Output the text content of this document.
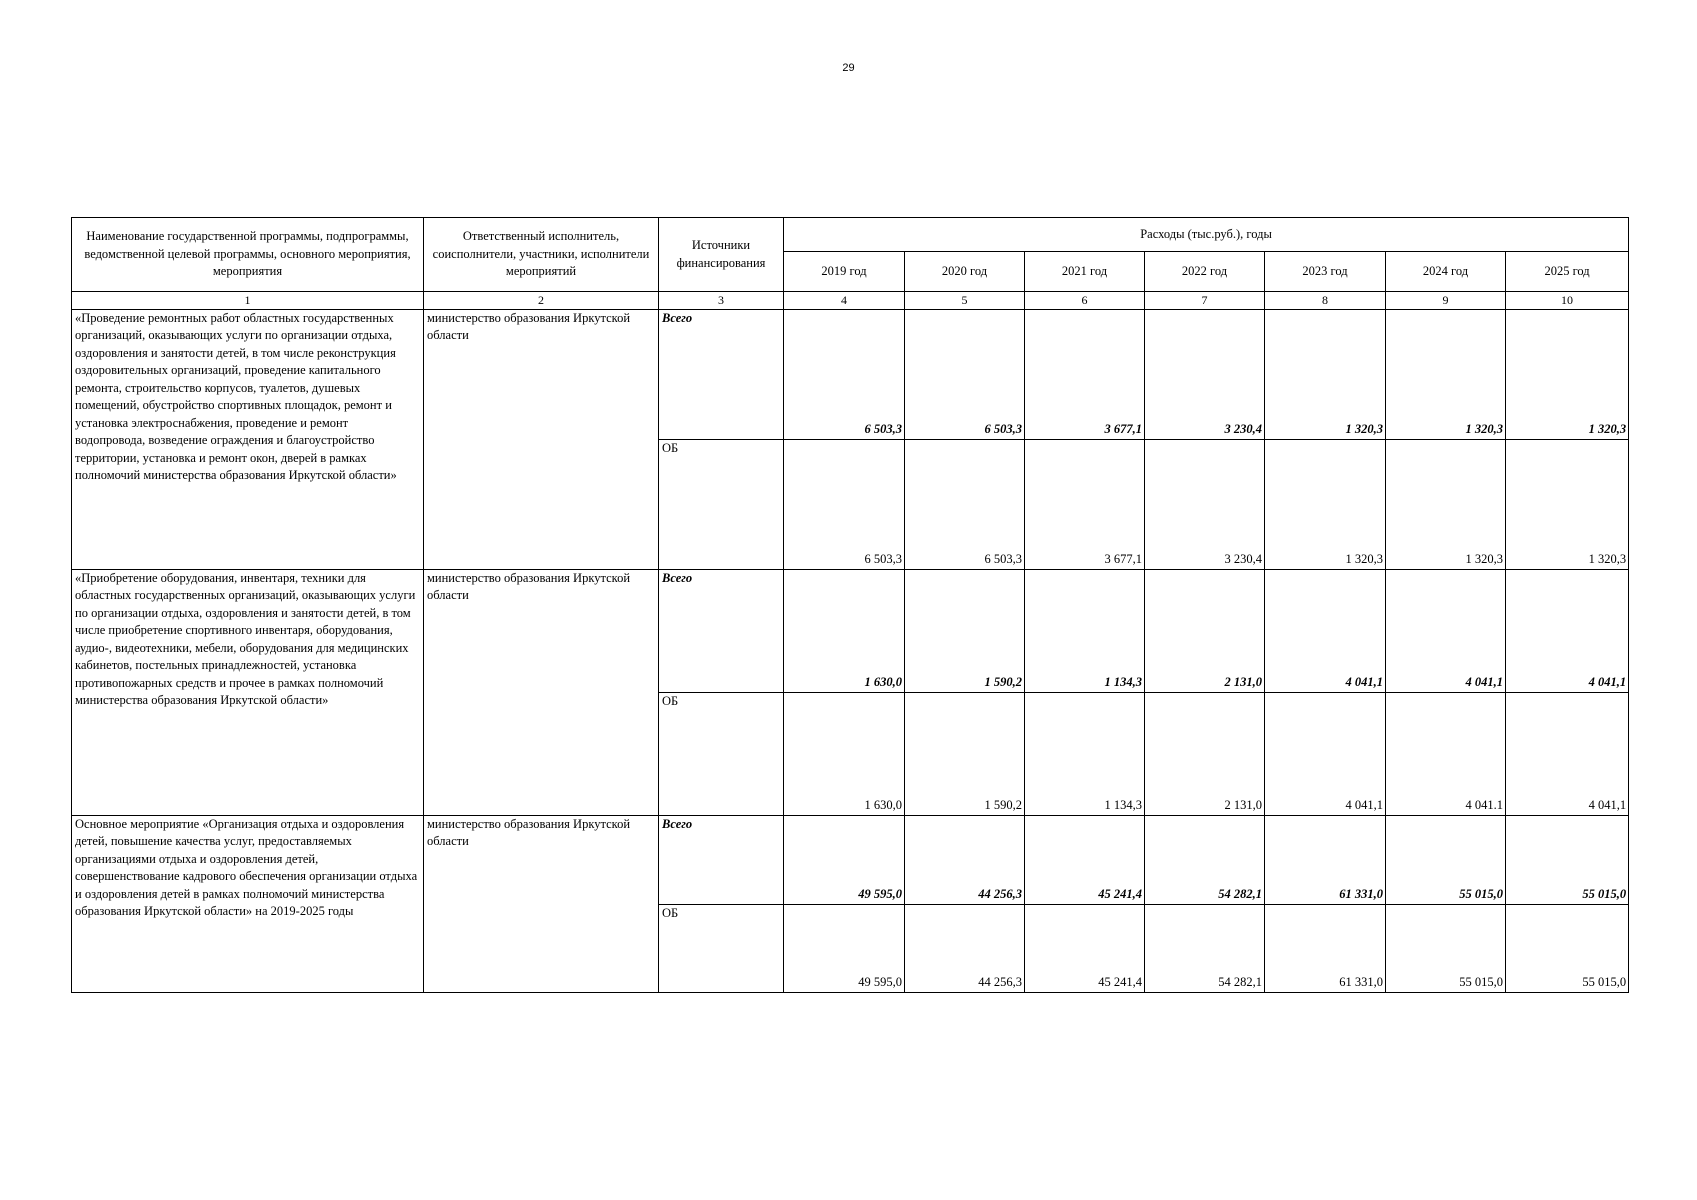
29
Наименование государственной программы, подпрограммы, ведомственной целевой программы, основного мероприятия, мероприятия	Ответственный исполнитель, соисполнители, участники, исполнители мероприятий	Источники финансирования	Расходы (тыс.руб.), годы						
			2019 год	2020 год	2021 год	2022 год	2023 год	2024 год	2025 год
1	2	3	4	5	6	7	8	9	10
«Проведение ремонтных работ областных государственных организаций, оказывающих услуги по организации отдыха, оздоровления и занятости детей, в том числе реконструкция оздоровительных организаций, проведение капитального ремонта, строительство корпусов, туалетов, душевых помещений, обустройство спортивных площадок, ремонт и установка электроснабжения, проведение и ремонт водопровода, возведение ограждения и благоустройство территории, установка и ремонт окон, дверей в рамках полномочий министерства образования Иркутской области»	министерство образования Иркутской области	Всего	6 503,3	6 503,3	3 677,1	3 230,4	1 320,3	1 320,3	1 320,3
		ОБ	6 503,3	6 503,3	3 677,1	3 230,4	1 320,3	1 320,3	1 320,3
«Приобретение оборудования, инвентаря, техники для областных государственных организаций, оказывающих услуги по организации отдыха, оздоровления и занятости детей, в том числе приобретение спортивного инвентаря, оборудования, аудио-, видеотехники, мебели, оборудования для медицинских кабинетов, постельных принадлежностей, установка противопожарных средств и прочее в рамках полномочий министерства образования Иркутской области»	министерство образования Иркутской области	Всего	1 630,0	1 590,2	1 134,3	2 131,0	4 041,1	4 041,1	4 041,1
		ОБ	1 630,0	1 590,2	1 134,3	2 131,0	4 041,1	4 041.1	4 041,1
Основное мероприятие «Организация отдыха и оздоровления детей, повышение качества услуг, предоставляемых организациями отдыха и оздоровления детей, совершенствование кадрового обеспечения организации отдыха и оздоровления детей в рамках полномочий министерства образования Иркутской области» на 2019-2025 годы	министерство образования Иркутской области	Всего	49 595,0	44 256,3	45 241,4	54 282,1	61 331,0	55 015,0	55 015,0
		ОБ	49 595,0	44 256,3	45 241,4	54 282,1	61 331,0	55 015,0	55 015,0
